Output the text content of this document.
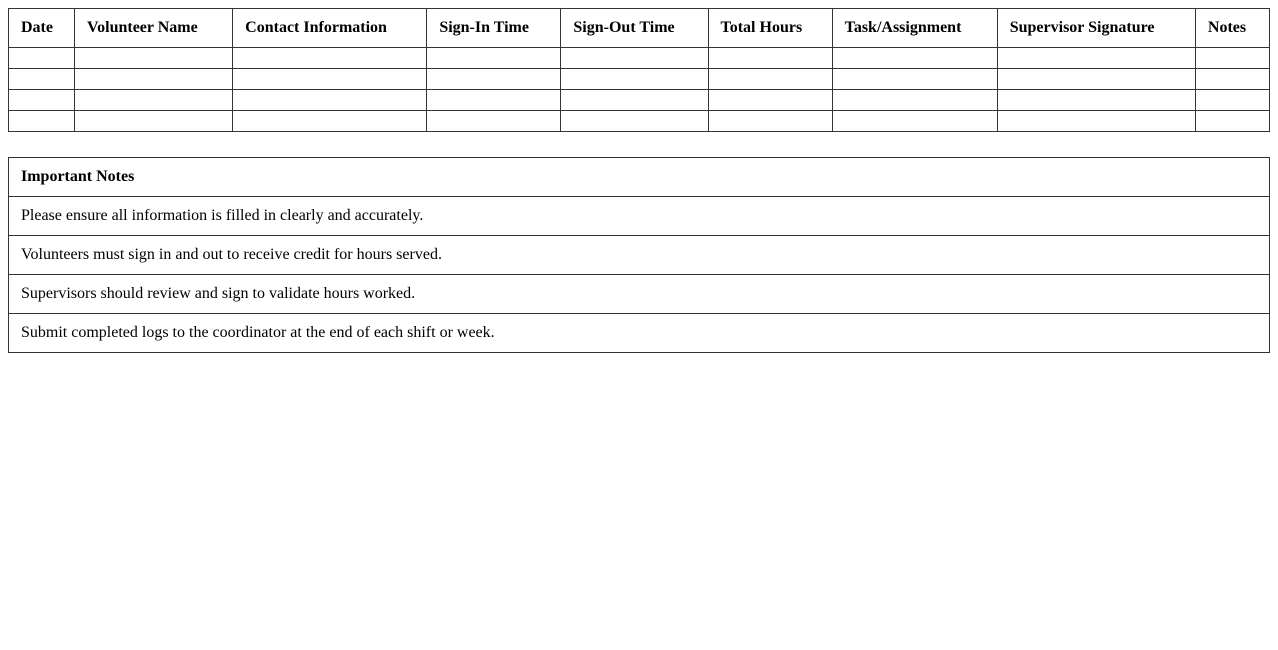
Date	Volunteer Name	Contact Information	Sign-In Time	Sign-Out Time	Total Hours	Task/Assignment	Supervisor Signature	Notes

Important Notes
Please ensure all information is filled in clearly and accurately.
Volunteers must sign in and out to receive credit for hours served.
Supervisors should review and sign to validate hours worked.
Submit completed logs to the coordinator at the end of each shift or week.
